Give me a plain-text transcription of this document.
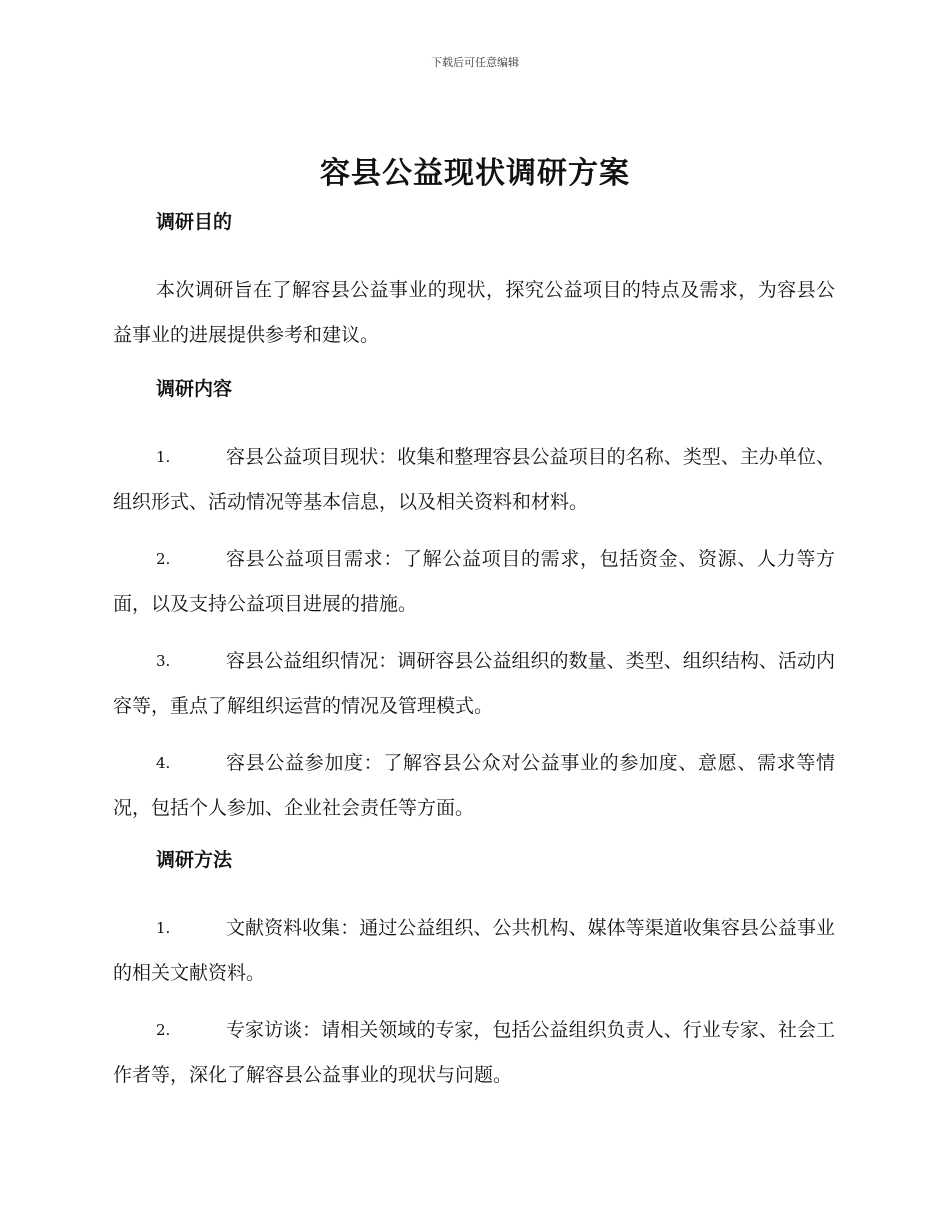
下载后可任意编辑
容县公益现状调研方案
调研目的

本次调研旨在了解容县公益事业的现状，探究公益项目的特点及需求，为容县公益事业的进展提供参考和建议。

调研内容
1.	容县公益项目现状：收集和整理容县公益项目的名称、类型、主办单位、组织形式、活动情况等基本信息，以及相关资料和材料。
2.	容县公益项目需求：了解公益项目的需求，包括资金、资源、人力等方面，以及支持公益项目进展的措施。
3.	容县公益组织情况：调研容县公益组织的数量、类型、组织结构、活动内容等，重点了解组织运营的情况及管理模式。
4.	容县公益参加度：了解容县公众对公益事业的参加度、意愿、需求等情况，包括个人参加、企业社会责任等方面。
调研方法
1.	文献资料收集：通过公益组织、公共机构、媒体等渠道收集容县公益事业的相关文献资料。
2.	专家访谈：请相关领域的专家，包括公益组织负责人、行业专家、社会工作者等，深化了解容县公益事业的现状与问题。
